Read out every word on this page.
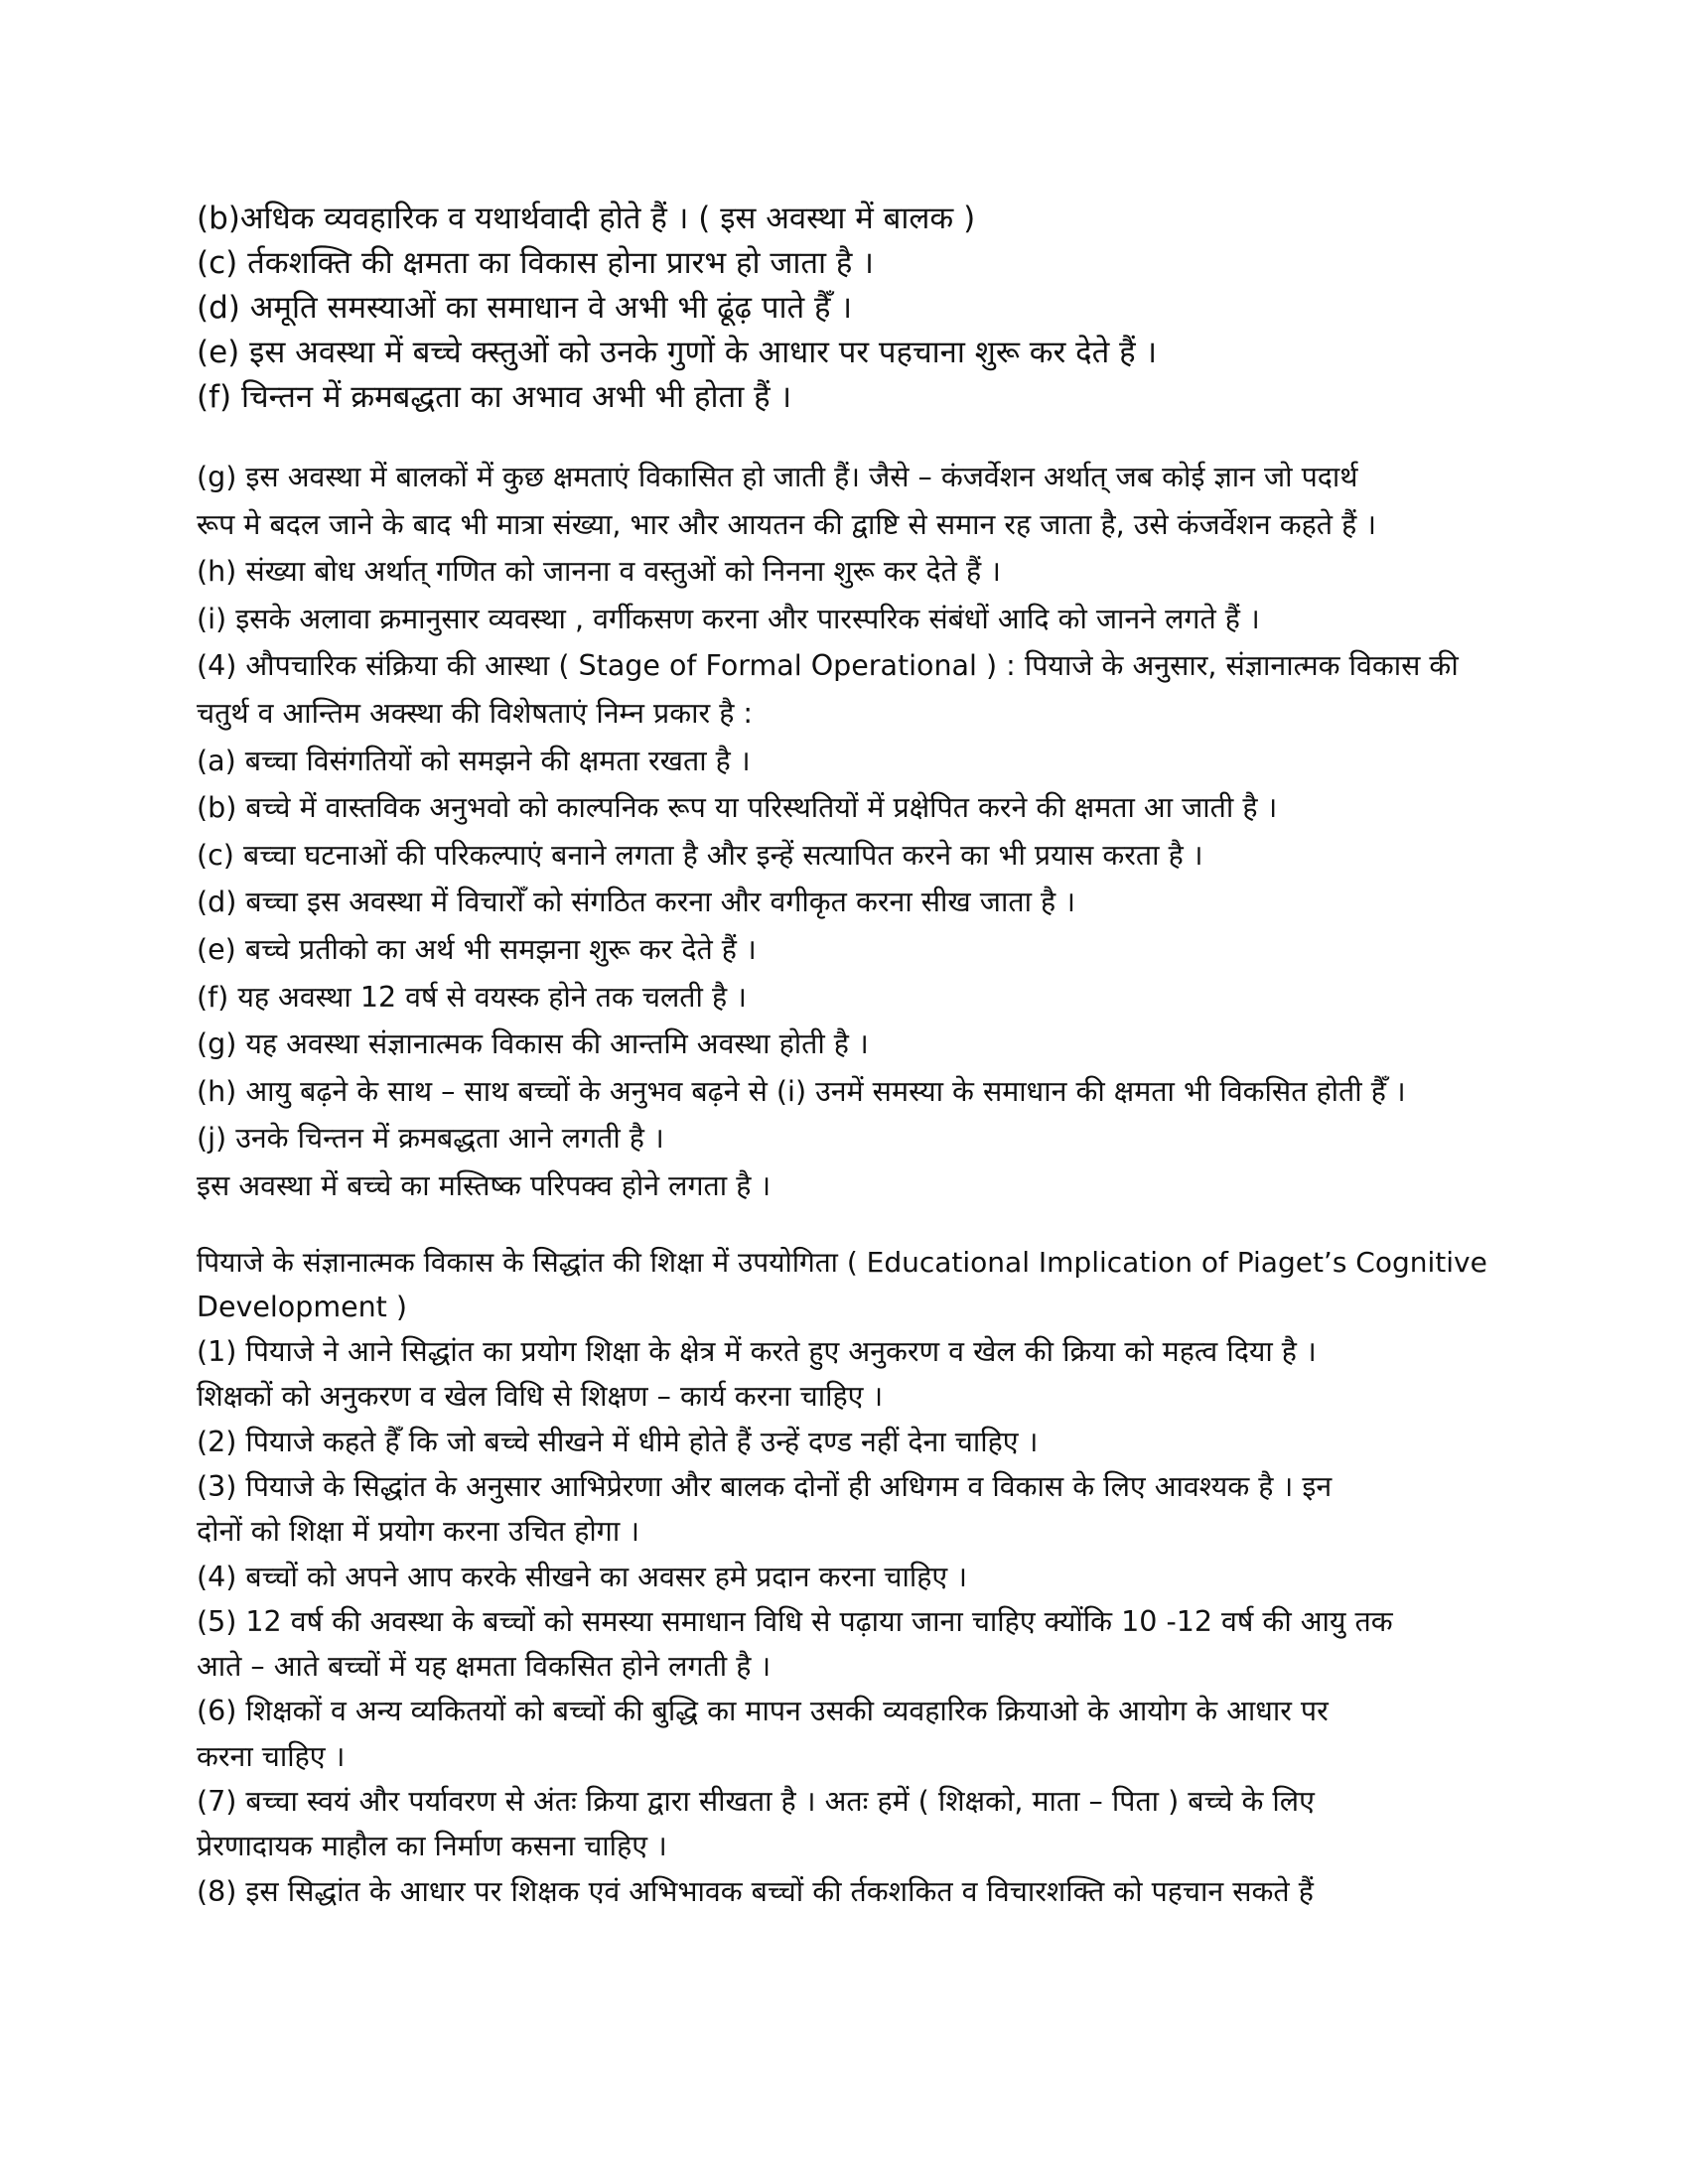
(b)अधिक व्यवहारिक व यथार्थवादी होते हैं । ( इस अवस्था में बालक )

(c) र्तकशक्ति की क्षमता का विकास होना प्रारभ हो जाता है ।

(d) अमूति समस्याओं का समाधान वे अभी भी ढूंढ़ पाते हैँ ।

(e) इस अवस्था में बच्चे क्स्तुओं को उनके गुणों के आधार पर पहचाना शुरू कर देते हैं ।

(f) चिन्तन में क्रमबद्धता का अभाव अभी भी होता हैं ।

(g) इस अवस्था में बालकों में कुछ क्षमताएं विकासित हो जाती हैं। जैसे – कंजर्वेशन अर्थात् जब कोई ज्ञान जो पदार्थ

रूप मे बदल जाने के बाद भी मात्रा संख्या, भार और आयतन की द्वाष्टि से समान रह जाता है, उसे कंजर्वेशन कहते हैं ।

(h) संख्या बोध अर्थात् गणित को जानना व वस्तुओं को निनना शुरू कर देते हैं ।

(i) इसके अलावा क्रमानुसार व्यवस्था , वर्गीकसण करना और पारस्परिक संबंधों आदि को जानने लगते हैं ।

(4) औपचारिक संक्रिया की आस्था ( Stage of Formal Operational ) : पियाजे के अनुसार, संज्ञानात्मक विकास की

चतुर्थ व आन्तिम अक्स्था की विशेषताएं निम्न प्रकार है :

(a) बच्चा विसंगतियों को समझने की क्षमता रखता है ।

(b) बच्चे में वास्तविक अनुभवो को काल्पनिक रूप या परिस्थतियों में प्रक्षेपित करने की क्षमता आ जाती है ।

(c) बच्चा घटनाओं की परिकल्पाएं बनाने लगता है और इन्हें सत्यापित करने का भी प्रयास करता है ।

(d) बच्चा इस अवस्था में विचारोँ को संगठित करना और वगीकृत करना सीख जाता है ।

(e) बच्चे प्रतीको का अर्थ भी समझना शुरू कर देते हैं ।

(f) यह अवस्था 12 वर्ष से वयस्क होने तक चलती है ।

(g) यह अवस्था संज्ञानात्मक विकास की आन्तमि अवस्था होती है ।

(h) आयु बढ़ने के साथ – साथ बच्चों के अनुभव बढ़ने से (i) उनमें समस्या के समाधान की क्षमता भी विकसित होती हैँ ।

(j) उनके चिन्तन में क्रमबद्धता आने लगती है ।

इस अवस्था में बच्चे का मस्तिष्क परिपक्व होने लगता है ।

पियाजे के संज्ञानात्मक विकास के सिद्धांत की शिक्षा में उपयोगिता ( Educational Implication of Piaget’s Cognitive

Development )

(1) पियाजे ने आने सिद्धांत का प्रयोग शिक्षा के क्षेत्र में करते हुए अनुकरण व खेल की क्रिया को महत्व दिया है ।

शिक्षकों को अनुकरण व खेल विधि से शिक्षण – कार्य करना चाहिए ।

(2) पियाजे कहते हैँ कि जो बच्चे सीखने में धीमे होते हैं उन्हें दण्ड नहीं देना चाहिए ।

(3) पियाजे के सिद्धांत के अनुसार आभिप्रेरणा और बालक दोनों ही अधिगम व विकास के लिए आवश्यक है । इन

दोनों को शिक्षा में प्रयोग करना उचित होगा ।

(4) बच्चों को अपने आप करके सीखने का अवसर हमे प्रदान करना चाहिए ।

(5) 12 वर्ष की अवस्था के बच्चों को समस्या समाधान विधि से पढ़ाया जाना चाहिए क्योंकि 10 -12 वर्ष की आयु तक

आते – आते बच्चों में यह क्षमता विकसित होने लगती है ।

(6) शिक्षकों व अन्य व्यकितयों को बच्चों की बुद्धि का मापन उसकी व्यवहारिक क्रियाओ के आयोग के आधार पर

करना चाहिए ।

(7) बच्चा स्वयं और पर्यावरण से अंतः क्रिया द्वारा सीखता है । अतः हमें ( शिक्षको, माता – पिता ) बच्चे के लिए

प्रेरणादायक माहौल का निर्माण कसना चाहिए ।

(8) इस सिद्धांत के आधार पर शिक्षक एवं अभिभावक बच्चों की र्तकशकित व विचारशक्ति को पहचान सकते हैं
